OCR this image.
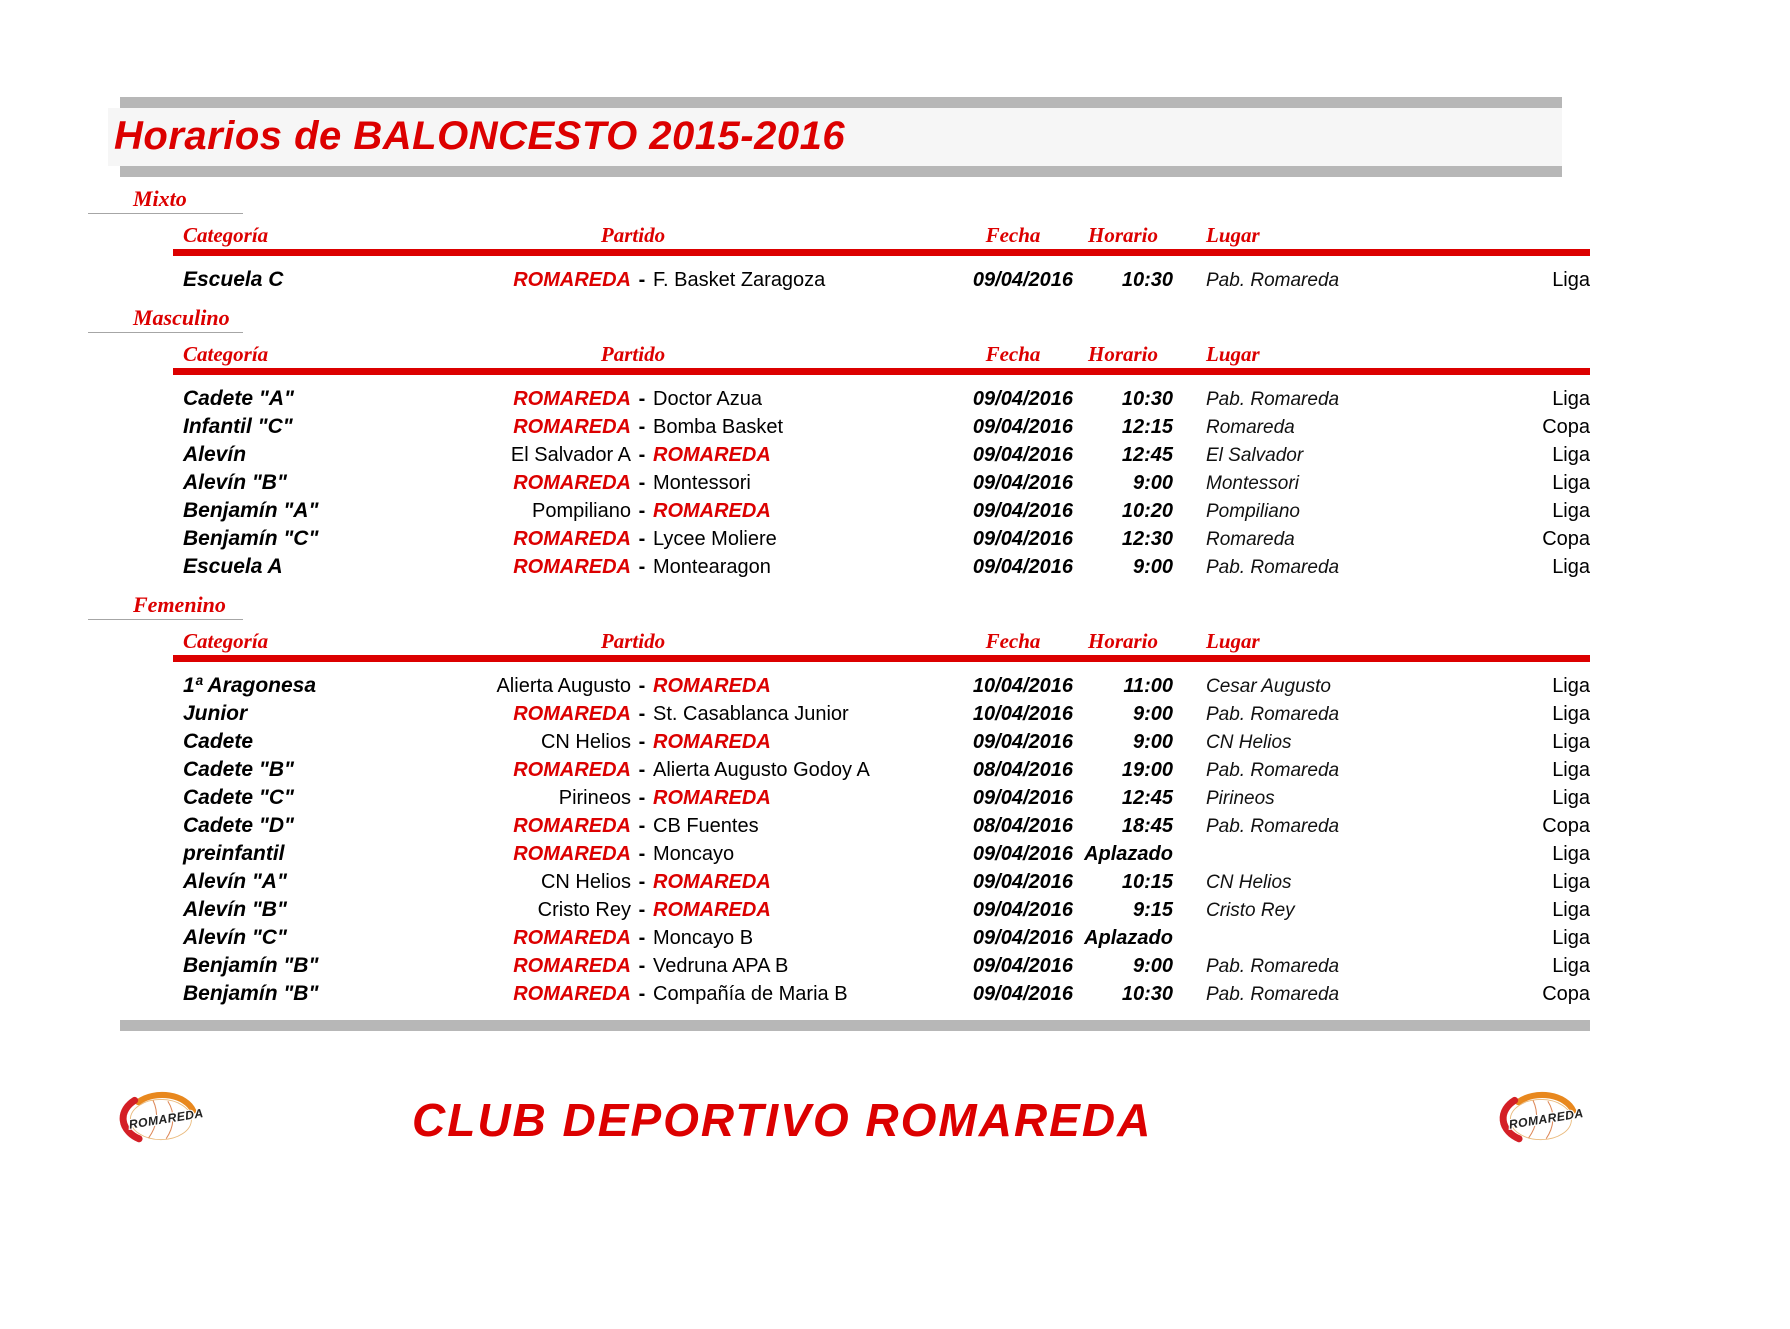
Horarios de BALONCESTO 2015-2016
Mixto
Categoría	Partido	Fecha	Horario	Lugar
Escuela C	ROMAREDA - F. Basket Zaragoza	09/04/2016	10:30 Pab. Romareda	Liga
Masculino
Categoría	Partido	Fecha	Horario	Lugar
Cadete "A"	ROMAREDA - Doctor Azua	09/04/2016	10:30 Pab. Romareda	Liga
Infantil "C"	ROMAREDA - Bomba Basket	09/04/2016	12:15 Romareda	Copa
Alevín	El Salvador A - ROMAREDA	09/04/2016	12:45 El Salvador	Liga
Alevín "B"	ROMAREDA - Montessori	09/04/2016	9:00 Montessori	Liga
Benjamín "A"	Pompiliano - ROMAREDA	09/04/2016	10:20 Pompiliano	Liga
Benjamín "C"	ROMAREDA - Lycee Moliere	09/04/2016	12:30 Romareda	Copa
Escuela A	ROMAREDA - Montearagon	09/04/2016	9:00 Pab. Romareda	Liga
Femenino
Categoría	Partido	Fecha	Horario	Lugar
1ª Aragonesa	Alierta Augusto - ROMAREDA	10/04/2016	11:00 Cesar Augusto	Liga
Junior	ROMAREDA - St. Casablanca Junior	10/04/2016	9:00 Pab. Romareda	Liga
Cadete	CN Helios - ROMAREDA	09/04/2016	9:00 CN Helios	Liga
Cadete "B"	ROMAREDA - Alierta Augusto Godoy A	08/04/2016	19:00 Pab. Romareda	Liga
Cadete "C"	Pirineos - ROMAREDA	09/04/2016	12:45 Pirineos	Liga
Cadete "D"	ROMAREDA - CB Fuentes	08/04/2016	18:45 Pab. Romareda	Copa
preinfantil	ROMAREDA - Moncayo	09/04/2016 Aplazado	Liga
Alevín "A"	CN Helios - ROMAREDA	09/04/2016	10:15 CN Helios	Liga
Alevín "B"	Cristo Rey - ROMAREDA	09/04/2016	9:15 Cristo Rey	Liga
Alevín "C"	ROMAREDA - Moncayo B	09/04/2016 Aplazado	Liga
Benjamín "B"	ROMAREDA - Vedruna APA B	09/04/2016	9:00 Pab. Romareda	Liga
Benjamín "B"	ROMAREDA - Compañía de Maria B	09/04/2016	10:30 Pab. Romareda	Copa
ROMAREDA	CLUB DEPORTIVO ROMAREDA	ROMAREDA
